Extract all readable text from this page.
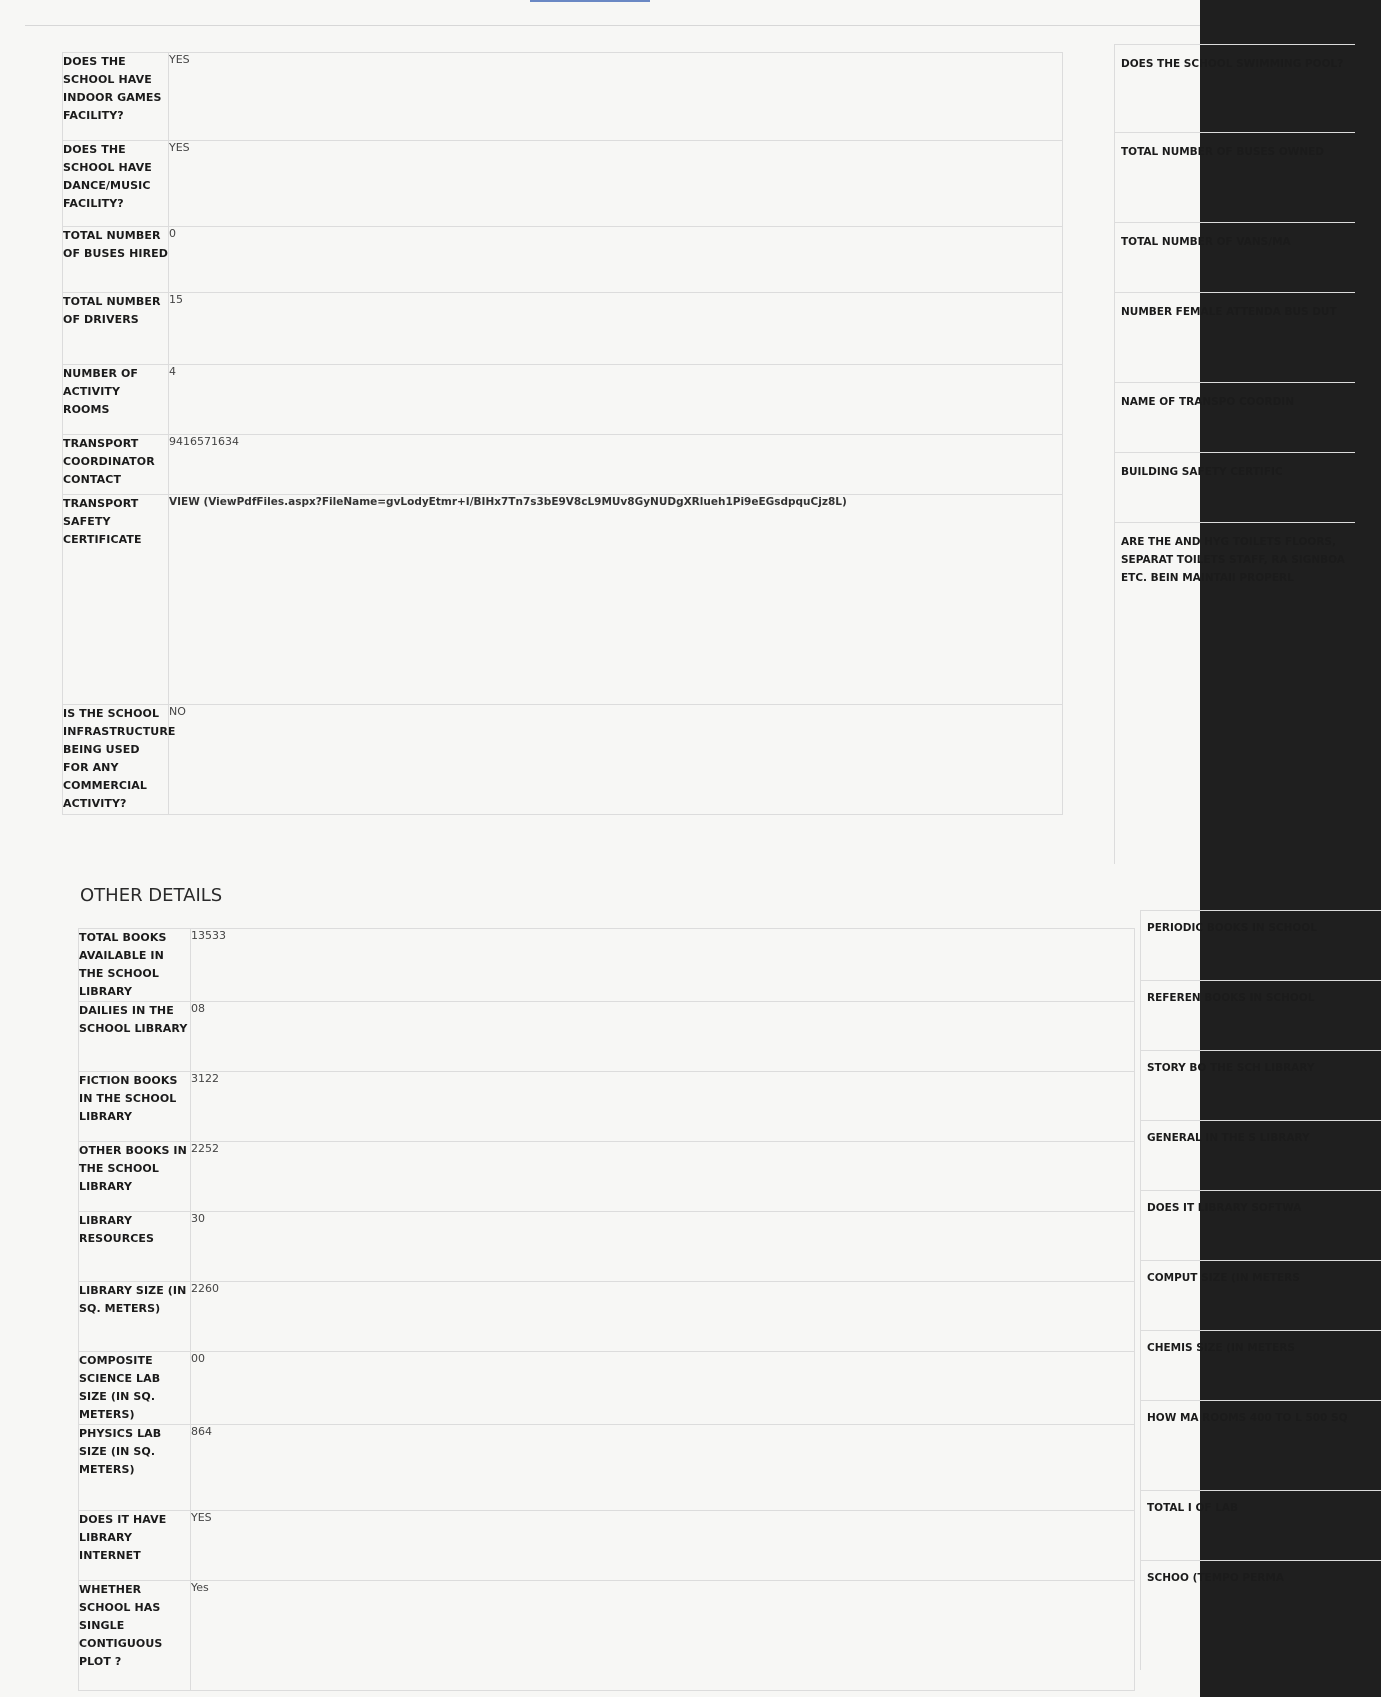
DOES THE SCHOOL HAVE INDOOR GAMES FACILITY?	YES
DOES THE SCHOOL HAVE DANCE/MUSIC FACILITY?	YES
TOTAL NUMBER OF BUSES HIRED	0
TOTAL NUMBER OF DRIVERS	15
NUMBER OF ACTIVITY ROOMS	4
TRANSPORT COORDINATOR CONTACT	9416571634
TRANSPORT SAFETY CERTIFICATE	VIEW (ViewPdfFiles.aspx?FileName=gvLodyEtmr+I/BIHx7Tn7s3bE9V8cL9MUv8GyNUDgXRlueh1Pi9eEGsdpquCjz8L)
IS THE SCHOOL INFRASTRUCTURE BEING USED FOR ANY COMMERCIAL ACTIVITY?	NO
DOES THE SCHOOL SWIMMING POOL?
TOTAL NUMBER OF BUSES OWNED
TOTAL NUMBER OF VANS/MA
NUMBER FEMALE ATTENDA BUS DUT
NAME OF TRANSPO COORDIN
BUILDING SAFETY CERTIFIC
ARE THE AND HYG TOILETS FLOORS, SEPARAT TOILETS STAFF, RA SIGNBOA ETC. BEIN MAINTAII PROPERL
OTHER DETAILS
TOTAL BOOKS AVAILABLE IN THE SCHOOL LIBRARY	13533
DAILIES IN THE SCHOOL LIBRARY	08
FICTION BOOKS IN THE SCHOOL LIBRARY	3122
OTHER BOOKS IN THE SCHOOL LIBRARY	2252
LIBRARY RESOURCES	30
LIBRARY SIZE (IN SQ. METERS)	2260
COMPOSITE SCIENCE LAB SIZE (IN SQ. METERS)	00
PHYSICS LAB SIZE (IN SQ. METERS)	864
DOES IT HAVE LIBRARY INTERNET	YES
WHETHER SCHOOL HAS SINGLE CONTIGUOUS PLOT ?	Yes
PERIODIC BOOKS IN SCHOOL
REFEREN BOOKS IN SCHOOL
STORY BO THE SCH LIBRARY
GENERAL IN THE S LIBRARY
DOES IT LIBRARY SOFTWA
COMPUT SIZE (IN METERS
CHEMIS SIZE (IN METERS
HOW MA ROOMS 400 TO L 500 SQ
TOTAL I OF LAB
SCHOO (TEMPO PERMA
